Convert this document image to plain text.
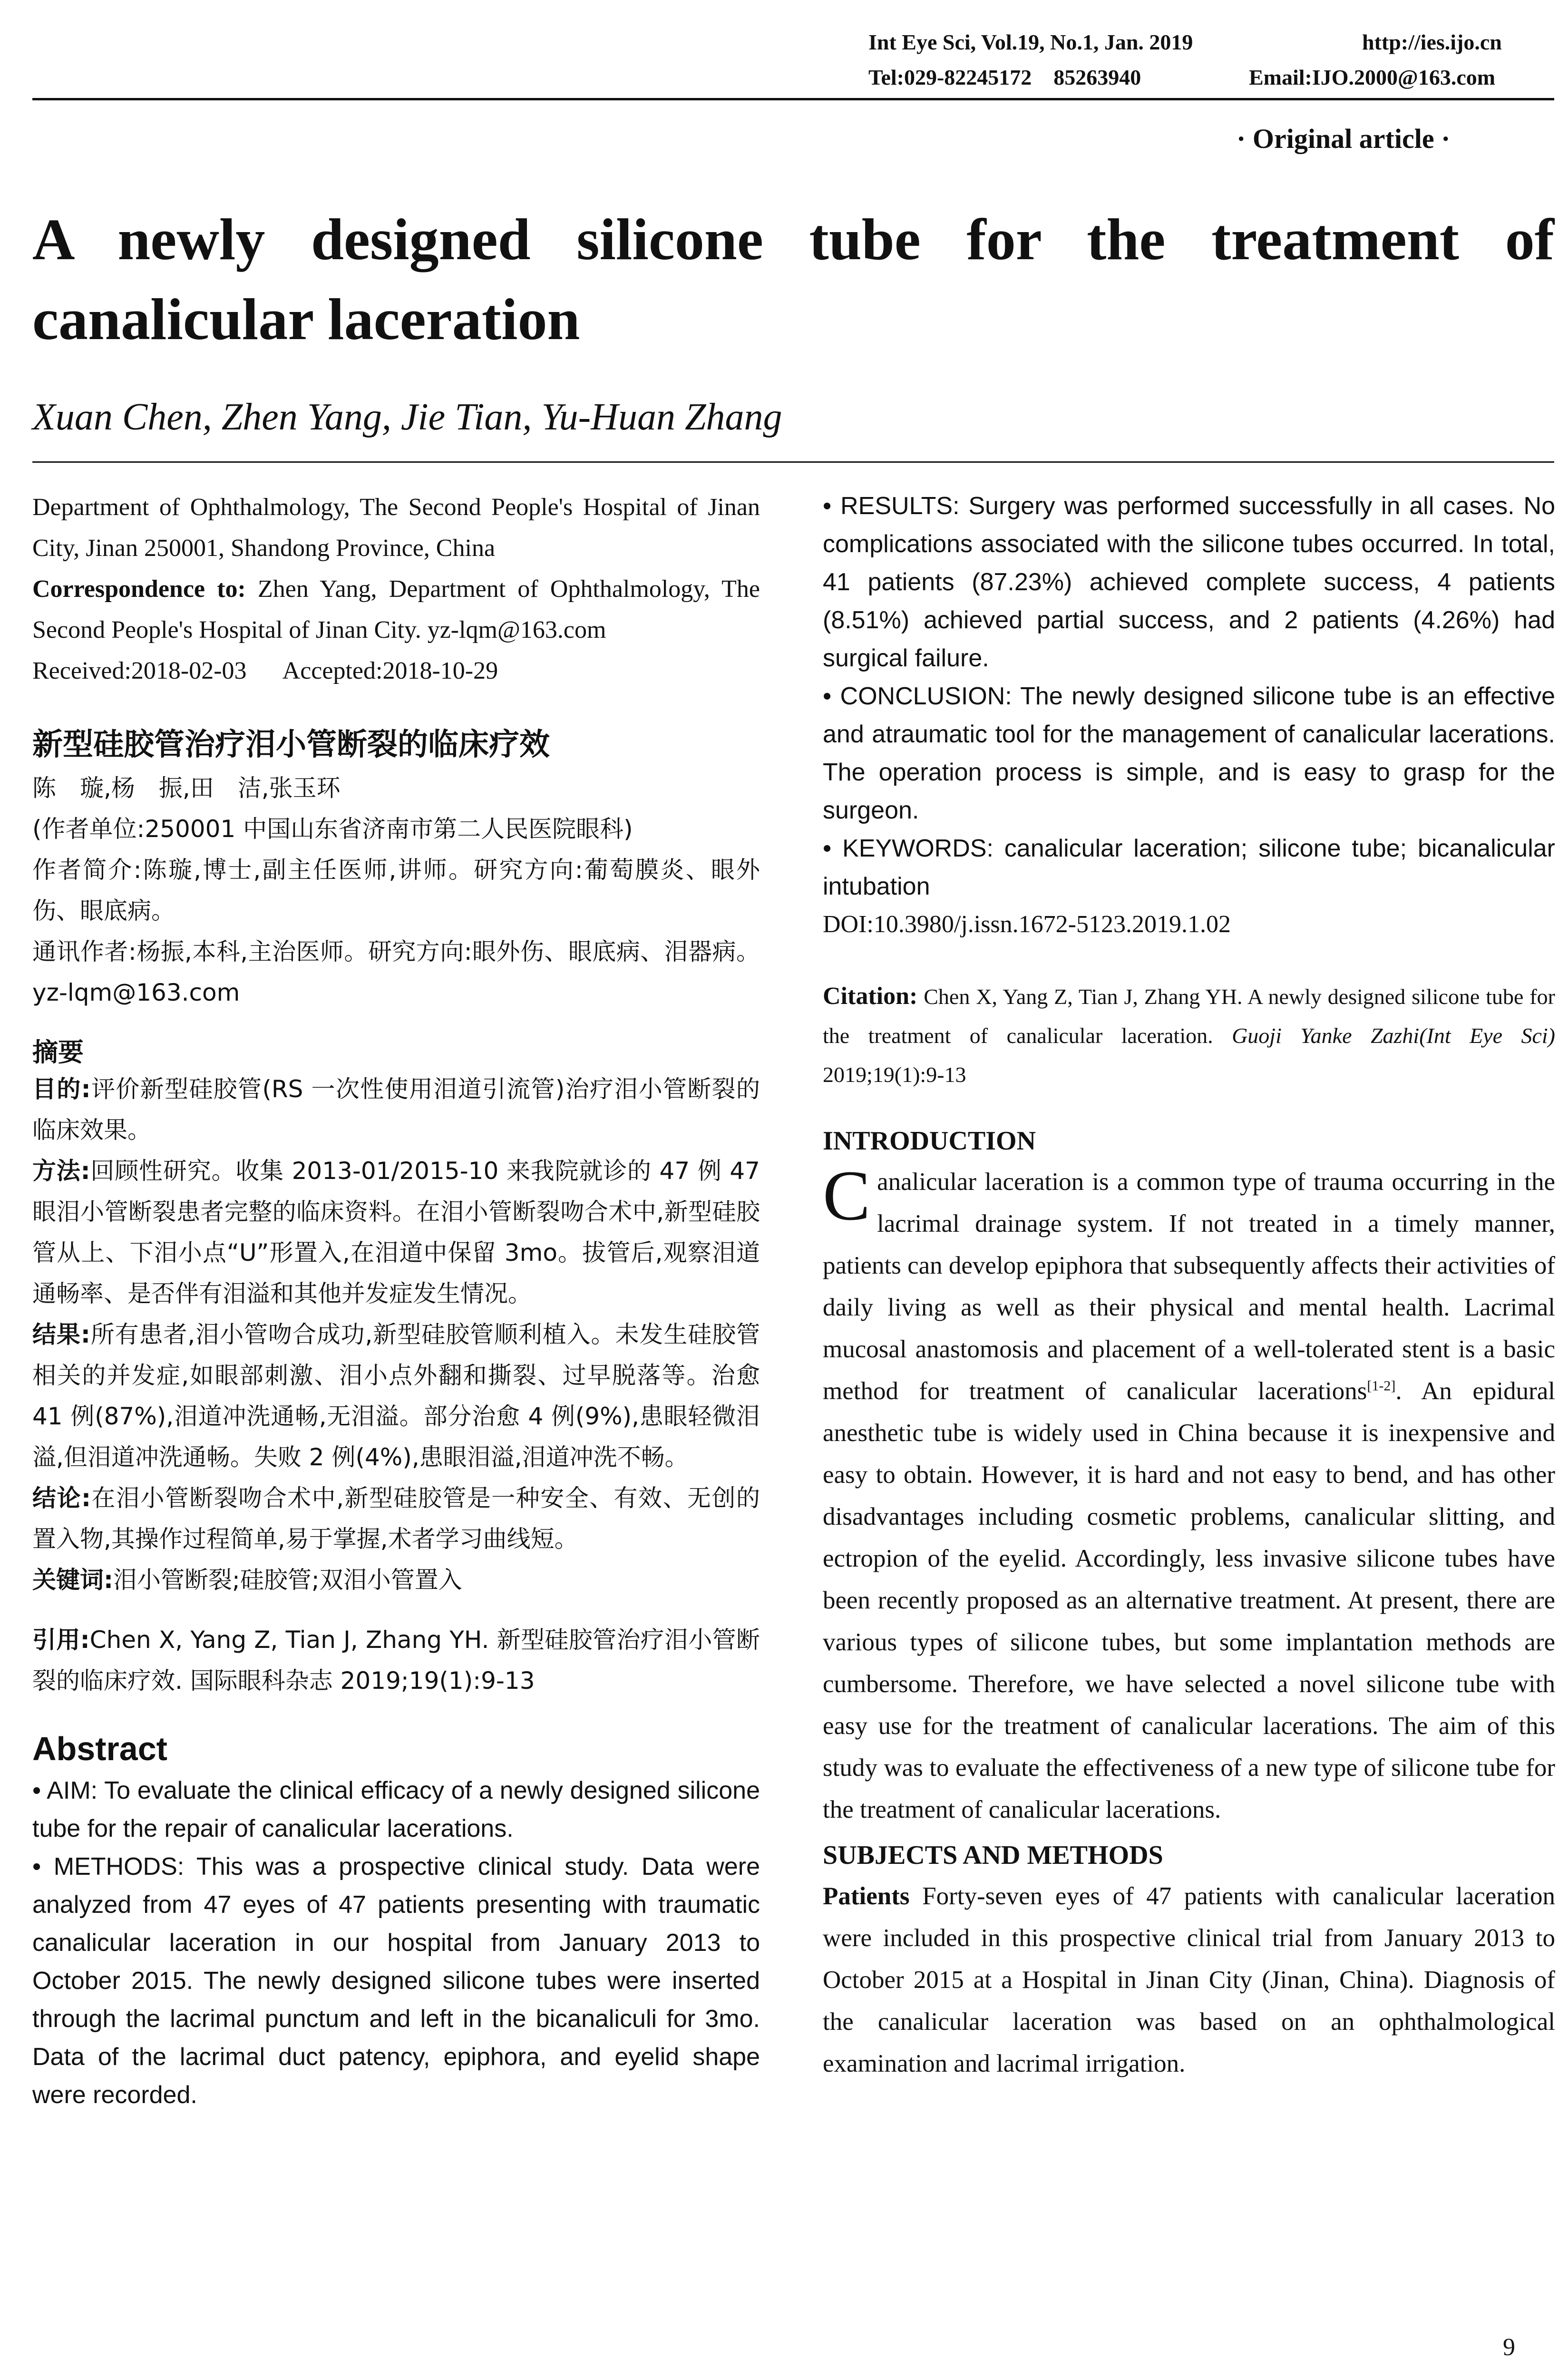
Int Eye Sci, Vol.19, No.1, Jan. 2019	http://ies.ijo.cn
Tel:029-82245172    85263940	Email:IJO.2000@163.com
· Original article ·
A newly designed silicone tube for the treatment of
canalicular laceration
Xuan Chen, Zhen Yang, Jie Tian, Yu-Huan Zhang
Department of Ophthalmology, The Second People's Hospital of Jinan City, Jinan 250001, Shandong Province, China
Correspondence to: Zhen Yang, Department of Ophthalmology, The Second People's Hospital of Jinan City. yz-lqm@163.com
Received:2018-02-03 Accepted:2018-10-29
新型硅胶管治疗泪小管断裂的临床疗效
陈　璇,杨　振,田　洁,张玉环
(作者单位:250001 中国山东省济南市第二人民医院眼科)
作者简介:陈璇,博士,副主任医师,讲师。研究方向:葡萄膜炎、眼外伤、眼底病。
通讯作者:杨振,本科,主治医师。研究方向:眼外伤、眼底病、泪器病。yz-lqm@163.com
摘要

目的:评价新型硅胶管(RS 一次性使用泪道引流管)治疗泪小管断裂的临床效果。

方法:回顾性研究。收集 2013-01/2015-10 来我院就诊的 47 例 47 眼泪小管断裂患者完整的临床资料。在泪小管断裂吻合术中,新型硅胶管从上、下泪小点“U”形置入,在泪道中保留 3mo。拔管后,观察泪道通畅率、是否伴有泪溢和其他并发症发生情况。

结果:所有患者,泪小管吻合成功,新型硅胶管顺利植入。未发生硅胶管相关的并发症,如眼部刺激、泪小点外翻和撕裂、过早脱落等。治愈 41 例(87%),泪道冲洗通畅,无泪溢。部分治愈 4 例(9%),患眼轻微泪溢,但泪道冲洗通畅。失败 2 例(4%),患眼泪溢,泪道冲洗不畅。

结论:在泪小管断裂吻合术中,新型硅胶管是一种安全、有效、无创的置入物,其操作过程简单,易于掌握,术者学习曲线短。

关键词:泪小管断裂;硅胶管;双泪小管置入

引用:Chen X, Yang Z, Tian J, Zhang YH. 新型硅胶管治疗泪小管断裂的临床疗效. 国际眼科杂志 2019;19(1):9-13

Abstract

• AIM: To evaluate the clinical efficacy of a newly designed silicone tube for the repair of canalicular lacerations.

• METHODS: This was a prospective clinical study. Data were analyzed from 47 eyes of 47 patients presenting with traumatic canalicular laceration in our hospital from January 2013 to October 2015. The newly designed silicone tubes were inserted through the lacrimal punctum and left in the bicanaliculi for 3mo. Data of the lacrimal duct patency, epiphora, and eyelid shape were recorded.

• RESULTS: Surgery was performed successfully in all cases. No complications associated with the silicone tubes occurred. In total, 41 patients (87.23%) achieved complete success, 4 patients (8.51%) achieved partial success, and 2 patients (4.26%) had surgical failure.

• CONCLUSION: The newly designed silicone tube is an effective and atraumatic tool for the management of canalicular lacerations. The operation process is simple, and is easy to grasp for the surgeon.

• KEYWORDS: canalicular laceration; silicone tube; bicanalicular intubation

DOI:10.3980/j.issn.1672-5123.2019.1.02
Citation: Chen X, Yang Z, Tian J, Zhang YH. A newly designed silicone tube for the treatment of canalicular laceration. Guoji Yanke Zazhi(Int Eye Sci) 2019;19(1):9-13
INTRODUCTION

Canalicular laceration is a common type of trauma occurring in the lacrimal drainage system. If not treated in a timely manner, patients can develop epiphora that subsequently affects their activities of daily living as well as their physical and mental health. Lacrimal mucosal anastomosis and placement of a well-tolerated stent is a basic method for treatment of canalicular lacerations[1-2]. An epidural anesthetic tube is widely used in China because it is inexpensive and easy to obtain. However, it is hard and not easy to bend, and has other disadvantages including cosmetic problems, canalicular slitting, and ectropion of the eyelid. Accordingly, less invasive silicone tubes have been recently proposed as an alternative treatment. At present, there are various types of silicone tubes, but some implantation methods are cumbersome. Therefore, we have selected a novel silicone tube with easy use for the treatment of canalicular lacerations. The aim of this study was to evaluate the effectiveness of a new type of silicone tube for the treatment of canalicular lacerations.

SUBJECTS AND METHODS

Patients Forty-seven eyes of 47 patients with canalicular laceration were included in this prospective clinical trial from January 2013 to October 2015 at a Hospital in Jinan City (Jinan, China). Diagnosis of the canalicular laceration was based on an ophthalmological examination and lacrimal irrigation.

9
